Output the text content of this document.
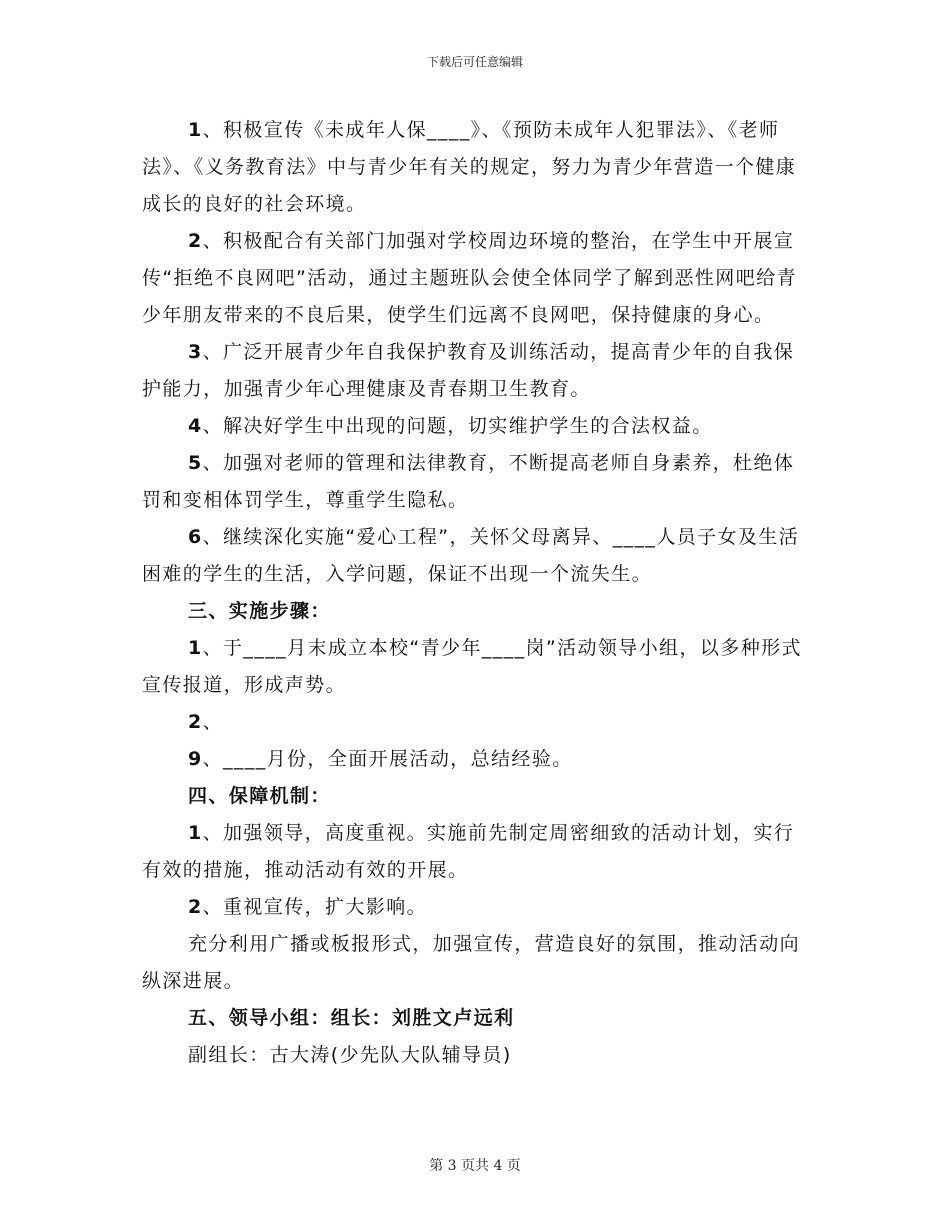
下载后可任意编辑

1、积极宣传《未成年人保____》、《预防未成年人犯罪法》、《老师法》、《义务教育法》中与青少年有关的规定，努力为青少年营造一个健康成长的良好的社会环境。

2、积极配合有关部门加强对学校周边环境的整治，在学生中开展宣传“拒绝不良网吧”活动，通过主题班队会使全体同学了解到恶性网吧给青少年朋友带来的不良后果，使学生们远离不良网吧，保持健康的身心。

3、广泛开展青少年自我保护教育及训练活动，提高青少年的自我保护能力，加强青少年心理健康及青春期卫生教育。

4、解决好学生中出现的问题，切实维护学生的合法权益。

5、加强对老师的管理和法律教育，不断提高老师自身素养，杜绝体罚和变相体罚学生，尊重学生隐私。

6、继续深化实施“爱心工程”，关怀父母离异、____人员子女及生活困难的学生的生活，入学问题，保证不出现一个流失生。

三、实施步骤：

1、于____月末成立本校“青少年____岗”活动领导小组，以多种形式宣传报道，形成声势。

2、

9、____月份，全面开展活动，总结经验。

四、保障机制：

1、加强领导，高度重视。实施前先制定周密细致的活动计划，实行有效的措施，推动活动有效的开展。

2、重视宣传，扩大影响。

充分利用广播或板报形式，加强宣传，营造良好的氛围，推动活动向纵深进展。

五、领导小组：组长：刘胜文卢远利

副组长：古大涛(少先队大队辅导员)

第 3 页共 4 页
